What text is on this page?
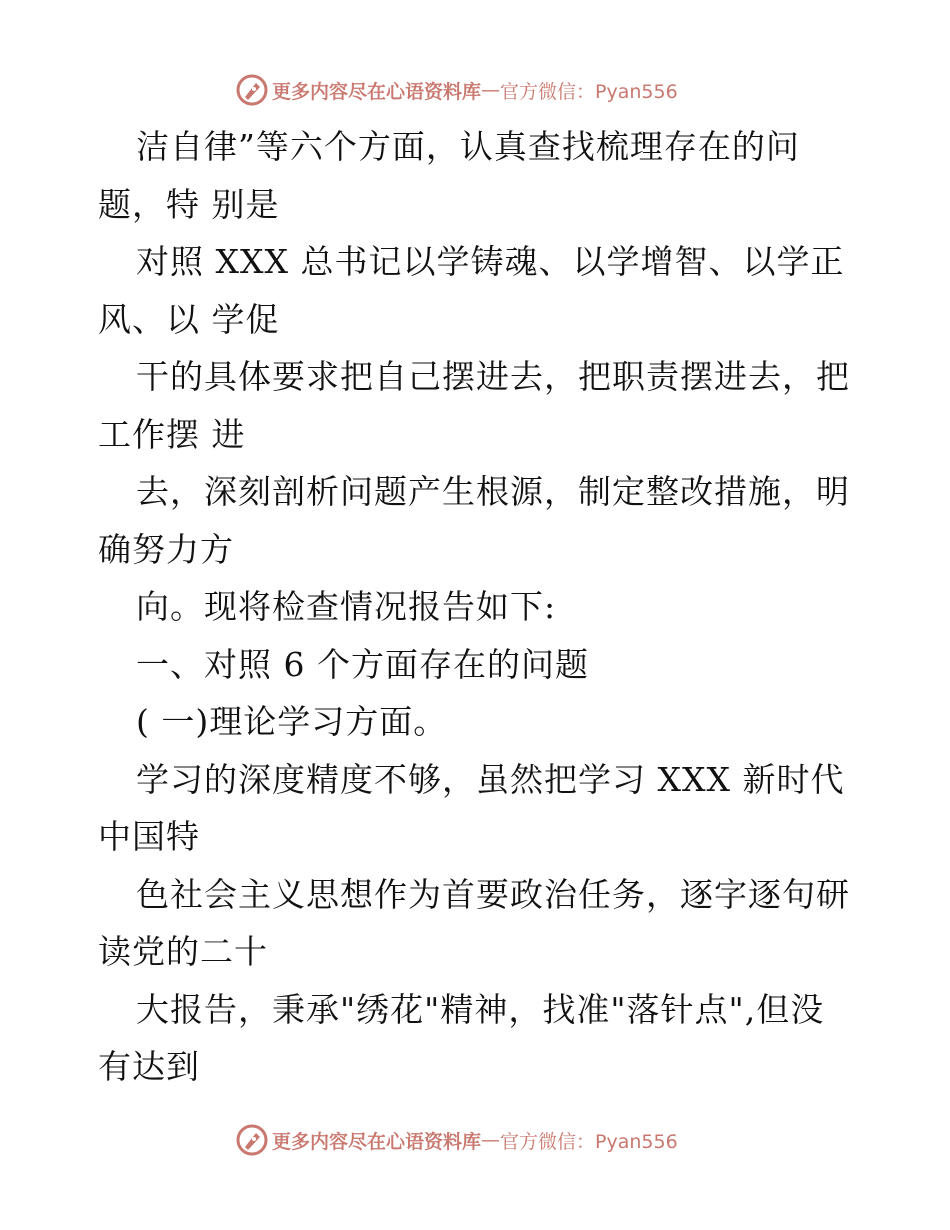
更多内容尽在心语资料库 — 官方微信：Pyan556
洁自律”等六个方面，认真查找梳理存在的问
题，特 别是
对照 XXX 总书记以学铸魂、以学增智、以学正
风、以 学促
干的具体要求把自己摆进去，把职责摆进去，把
工作摆 进
去，深刻剖析问题产生根源，制定整改措施，明
确努力方
向。现将检查情况报告如下:
一、对照 6 个方面存在的问题
( 一)理论学习方面。
学习的深度精度不够，虽然把学习 XXX 新时代
中国特
色社会主义思想作为首要政治任务，逐字逐句研
读党的二十
大报告，秉承"绣花"精神，找准"落针点",但没
有达到
更多内容尽在心语资料库 — 官方微信：Pyan556
